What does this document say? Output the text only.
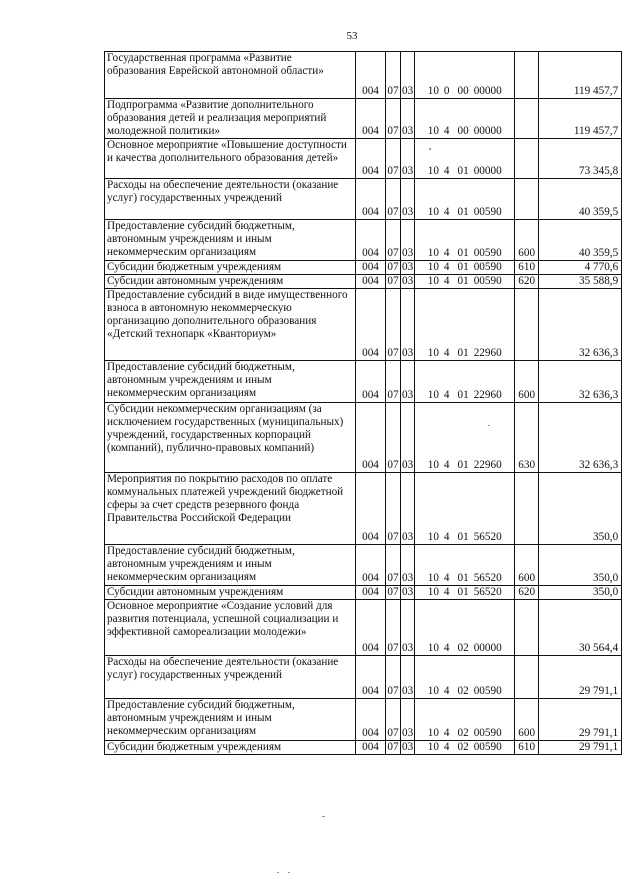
53
Государственная программа «Развитие образования Еврейской автономной области»	004	07	03	10 0 00 00000		119 457,7
Подпрограмма «Развитие дополнительного образования детей и реализация мероприятий молодежной политики»	004	07	03	10 4 00 00000		119 457,7
Основное мероприятие «Повышение доступности и качества дополнительного образования детей»	004	07	03	10 4 01 00000		73 345,8
Расходы на обеспечение деятельности (оказание услуг) государственных учреждений	004	07	03	10 4 01 00590		40 359,5
Предоставление субсидий бюджетным, автономным учреждениям и иным некоммерческим организациям	004	07	03	10 4 01 00590	600	40 359,5
Субсидии бюджетным учреждениям	004	07	03	10 4 01 00590	610	4 770,6
Субсидии автономным учреждениям	004	07	03	10 4 01 00590	620	35 588,9
Предоставление субсидий в виде имущественного взноса в автономную некоммерческую организацию дополнительного образования «Детский технопарк «Кванториум»	004	07	03	10 4 01 22960		32 636,3
Предоставление субсидий бюджетным, автономным учреждениям и иным некоммерческим организациям	004	07	03	10 4 01 22960	600	32 636,3
Субсидии некоммерческим организациям (за исключением государственных (муниципальных) учреждений, государственных корпораций (компаний), публично-правовых компаний)	004	07	03	10 4 01 22960	630	32 636,3
Мероприятия по покрытию расходов по оплате коммунальных платежей учреждений бюджетной сферы за счет средств резервного фонда Правительства Российской Федерации	004	07	03	10 4 01 56520		350,0
Предоставление субсидий бюджетным, автономным учреждениям и иным некоммерческим организациям	004	07	03	10 4 01 56520	600	350,0
Субсидии автономным учреждениям	004	07	03	10 4 01 56520	620	350,0
Основное мероприятие «Создание условий для развития потенциала, успешной социализации и эффективной самореализации молодежи»	004	07	03	10 4 02 00000		30 564,4
Расходы на обеспечение деятельности (оказание услуг) государственных учреждений	004	07	03	10 4 02 00590		29 791,1
Предоставление субсидий бюджетным, автономным учреждениям и иным некоммерческим организациям	004	07	03	10 4 02 00590	600	29 791,1
Субсидии бюджетным учреждениям	004	07	03	10 4 02 00590	610	29 791,1
